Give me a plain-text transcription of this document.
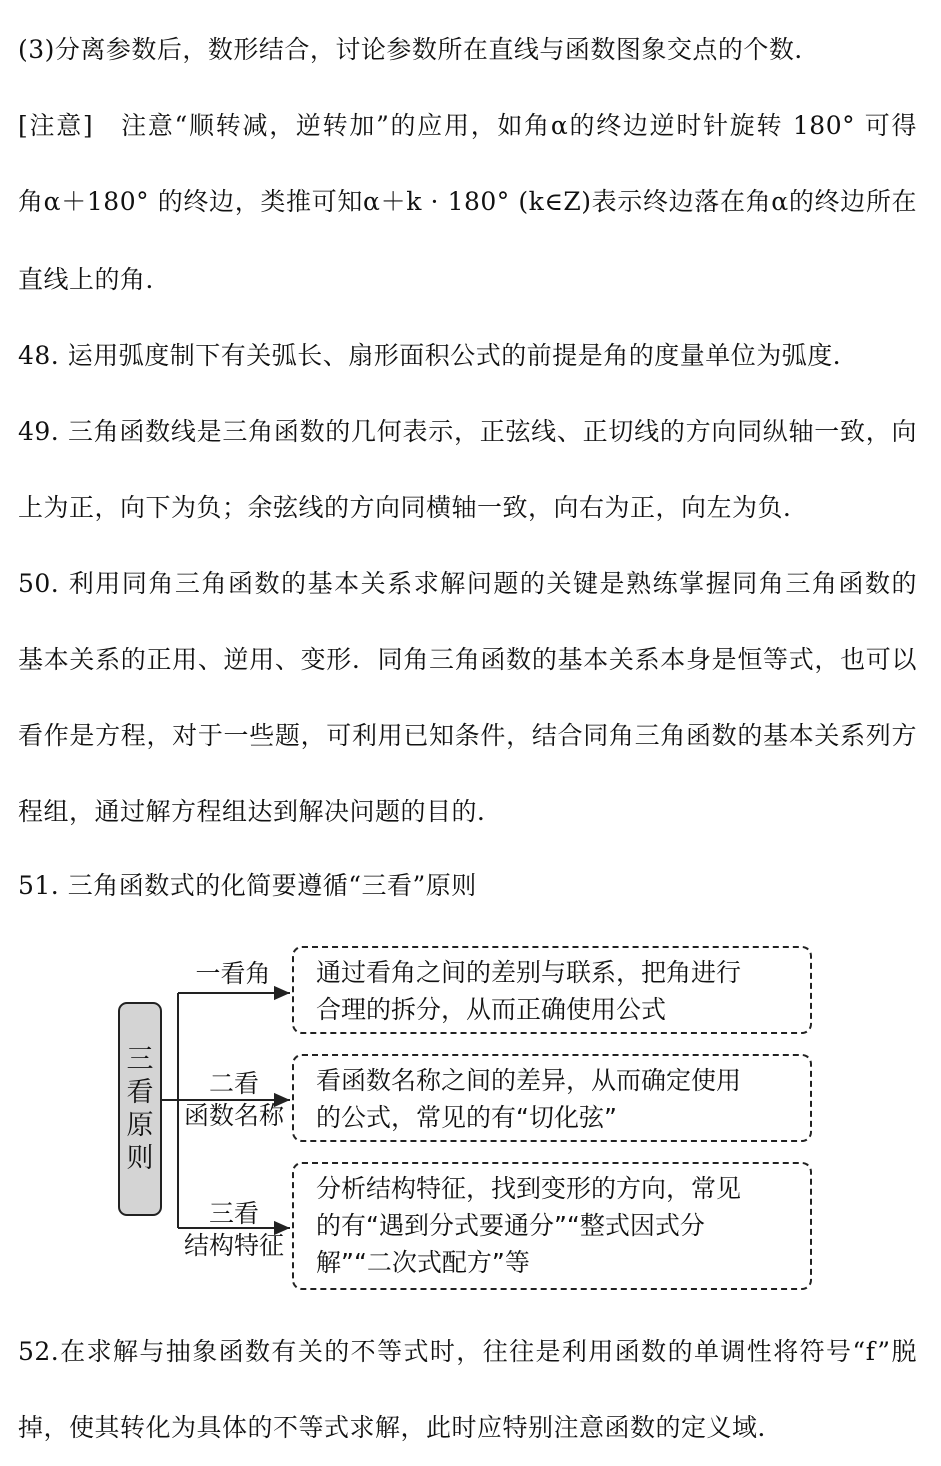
(3)分离参数后，数形结合，讨论参数所在直线与函数图象交点的个数．
[注意]　注意“顺转减，逆转加”的应用，如角α的终边逆时针旋转 180° 可得
角α＋180° 的终边，类推可知α＋k · 180° (k∈Z)表示终边落在角α的终边所在
直线上的角．
48. 运用弧度制下有关弧长、扇形面积公式的前提是角的度量单位为弧度．
49. 三角函数线是三角函数的几何表示，正弦线、正切线的方向同纵轴一致，向
上为正，向下为负；余弦线的方向同横轴一致，向右为正，向左为负．
50. 利用同角三角函数的基本关系求解问题的关键是熟练掌握同角三角函数的
基本关系的正用、逆用、变形．同角三角函数的基本关系本身是恒等式，也可以
看作是方程，对于一些题，可利用已知条件，结合同角三角函数的基本关系列方
程组，通过解方程组达到解决问题的目的．
51. 三角函数式的化简要遵循“三看”原则
三看原则
一看角
二看
函数名称
三看
结构特征
通过看角之间的差别与联系，把角进行
合理的拆分，从而正确使用公式
看函数名称之间的差异，从而确定使用
的公式，常见的有“切化弦”
分析结构特征，找到变形的方向，常见
的有“遇到分式要通分”“整式因式分
解”“二次式配方”等
52.在求解与抽象函数有关的不等式时，往往是利用函数的单调性将符号“f”脱
掉，使其转化为具体的不等式求解，此时应特别注意函数的定义域．
